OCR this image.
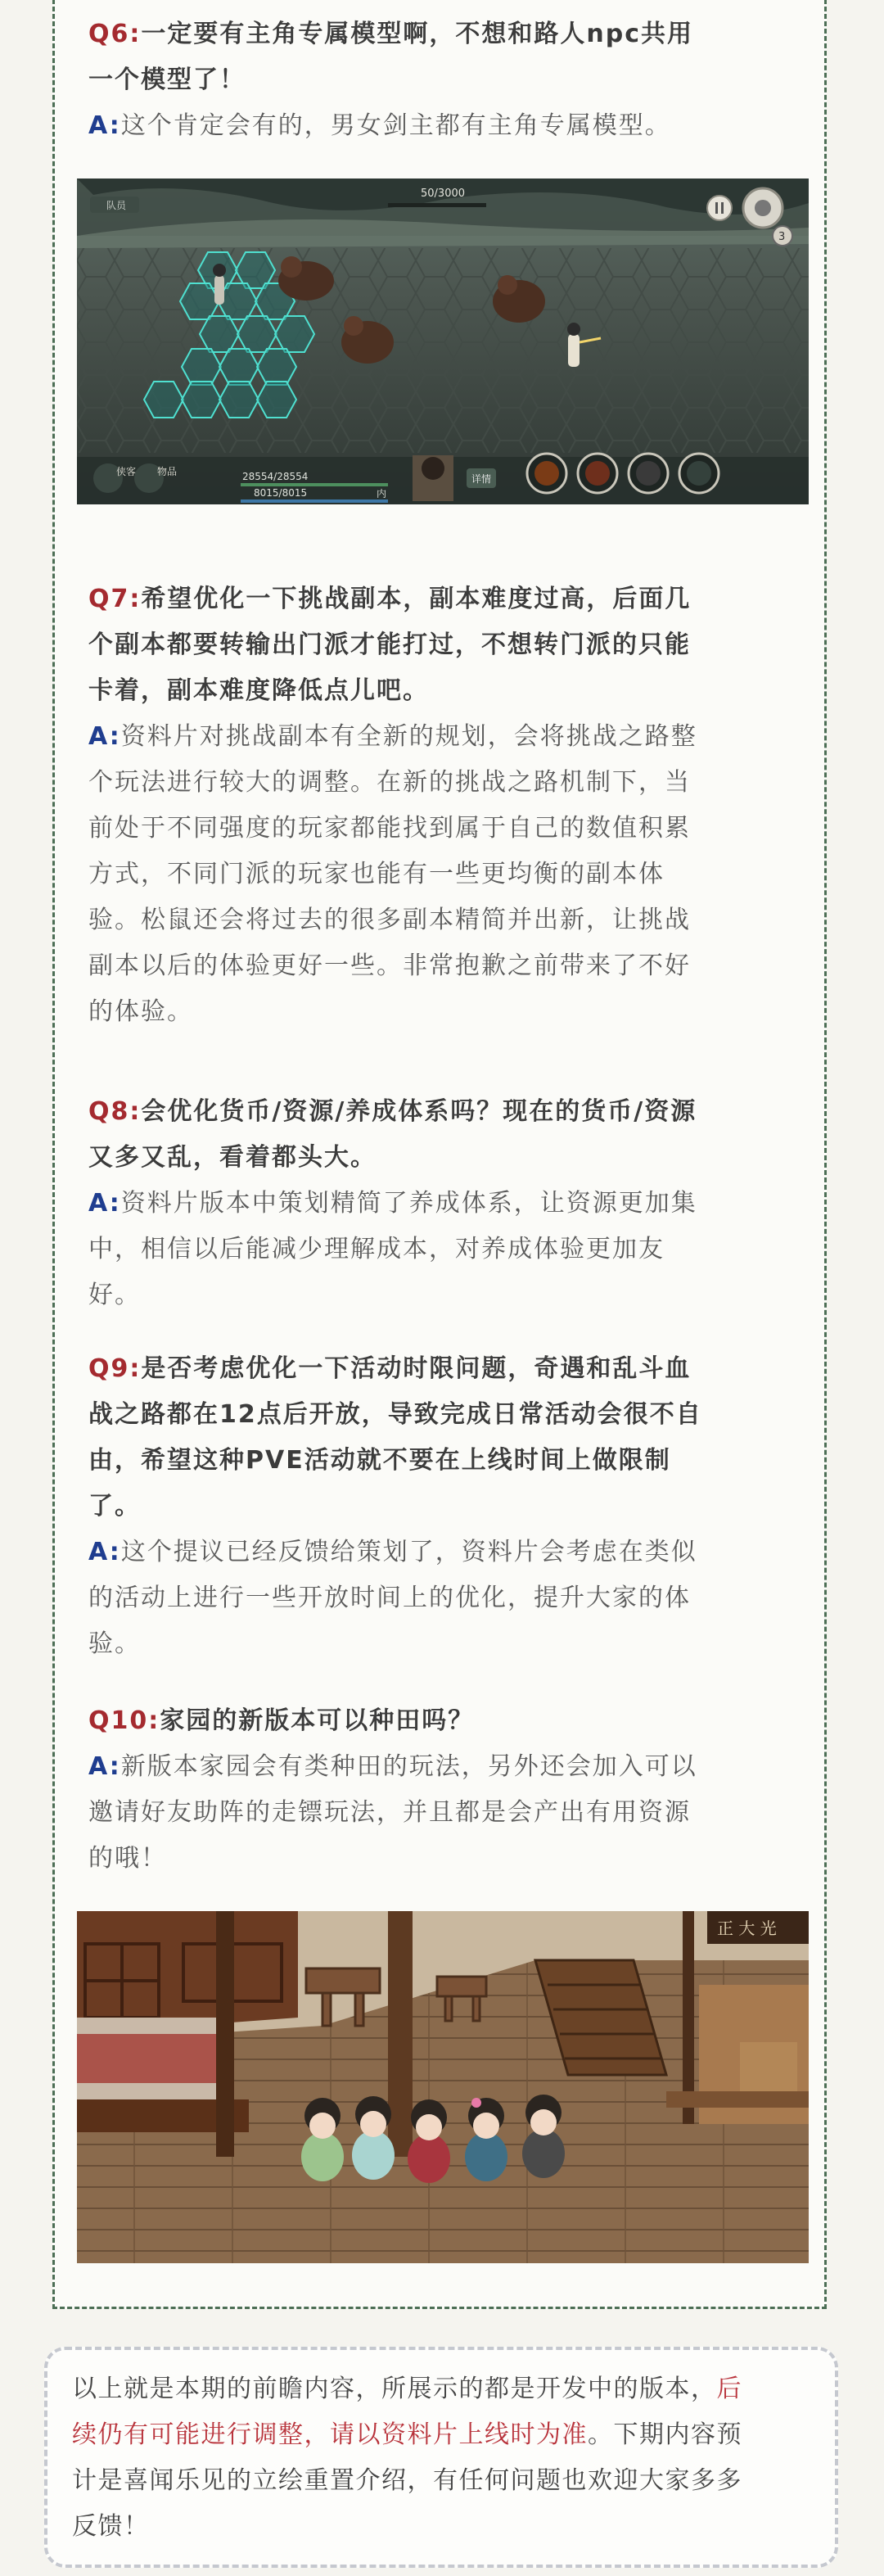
Q6:一定要有主角专属模型啊，不想和路人npc共用
一个模型了！
A:这个肯定会有的，男女剑主都有主角专属模型。
队员
50/3000
3
侠客 物品	28554/28554
8015/8015	内
详情
Q7:希望优化一下挑战副本，副本难度过高，后面几
个副本都要转输出门派才能打过，不想转门派的只能
卡着，副本难度降低点儿吧。
A:资料片对挑战副本有全新的规划，会将挑战之路整
个玩法进行较大的调整。在新的挑战之路机制下，当
前处于不同强度的玩家都能找到属于自己的数值积累
方式，不同门派的玩家也能有一些更均衡的副本体
验。松鼠还会将过去的很多副本精简并出新，让挑战
副本以后的体验更好一些。非常抱歉之前带来了不好
的体验。
Q8:会优化货币/资源/养成体系吗？现在的货币/资源
又多又乱，看着都头大。
A:资料片版本中策划精简了养成体系，让资源更加集
中，相信以后能减少理解成本，对养成体验更加友
好。
Q9:是否考虑优化一下活动时限问题，奇遇和乱斗血
战之路都在12点后开放，导致完成日常活动会很不自
由，希望这种PVE活动就不要在上线时间上做限制
了。
A:这个提议已经反馈给策划了，资料片会考虑在类似
的活动上进行一些开放时间上的优化，提升大家的体
验。
Q10:家园的新版本可以种田吗？
A:新版本家园会有类种田的玩法，另外还会加入可以
邀请好友助阵的走镖玩法，并且都是会产出有用资源
的哦！
正 大 光
以上就是本期的前瞻内容，所展示的都是开发中的版本，后
续仍有可能进行调整，请以资料片上线时为准。下期内容预
计是喜闻乐见的立绘重置介绍，有任何问题也欢迎大家多多
反馈！
